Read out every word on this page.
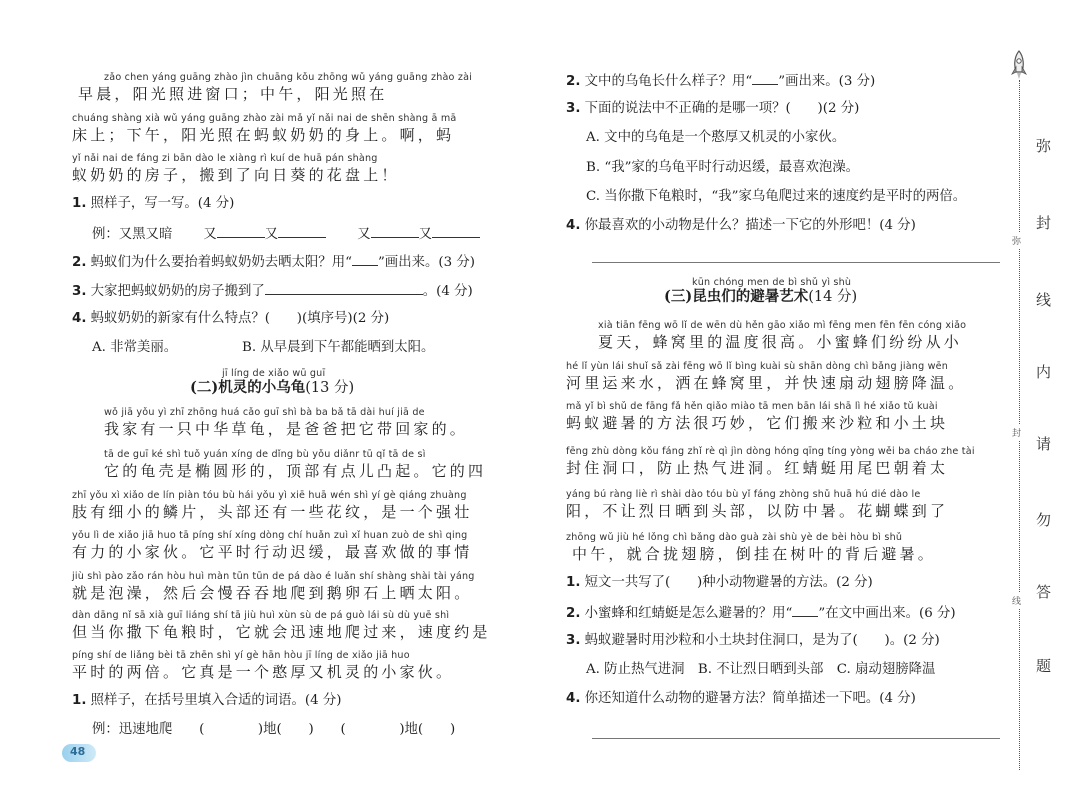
zǎo chen yáng guāng zhào jìn chuāng kǒu zhōng wǔ yáng guāng zhào zài
早晨，阳光照进窗口；中午，阳光照在
chuáng shàng xià wǔ yáng guāng zhào zài mǎ yǐ nǎi nai de shēn shàng ā mā
床上；下午，阳光照在蚂蚁奶奶的身上。啊，蚂
yǐ nǎi nai de fáng zi bān dào le xiàng rì kuí de huā pán shàng
蚁奶奶的房子，搬到了向日葵的花盘上！
1. 照样子，写一写。(4 分)
例：又黑又暗　　 又	又　　	又	又
2. 蚂蚁们为什么要抬着蚂蚁奶奶去晒太阳？用“ ”画出来。(3 分)
3. 大家把蚂蚁奶奶的房子搬到了	。(4 分)
4. 蚂蚁奶奶的新家有什么特点？(　　)(填序号)(2 分)
A. 非常美丽。	B. 从早晨到下午都能晒到太阳。
jī líng de xiǎo wū guī
(二)机灵的小乌龟(13 分)
wǒ jiā yǒu yì zhī zhōng huá cǎo guī shì bà ba bǎ tā dài huí jiā de
我家有一只中华草龟，是爸爸把它带回家的。
tā de guī ké shì tuǒ yuán xíng de dǐng bù yǒu diǎnr tū qǐ tā de sì
它的龟壳是椭圆形的，顶部有点儿凸起。它的四
zhī yǒu xì xiǎo de lín piàn tóu bù hái yǒu yì xiē huā wén shì yí gè qiáng zhuàng
肢有细小的鳞片，头部还有一些花纹，是一个强壮
yǒu lì de xiǎo jiā huo tā píng shí xíng dòng chí huǎn zuì xǐ huan zuò de shì qing
有力的小家伙。它平时行动迟缓，最喜欢做的事情
jiù shì pào zǎo rán hòu huì màn tūn tūn de pá dào é luǎn shí shàng shài tài yáng
就是泡澡，然后会慢吞吞地爬到鹅卵石上晒太阳。
dàn dāng nǐ sā xià guī liáng shí tā jiù huì xùn sù de pá guò lái sù dù yuē shì
但当你撒下龟粮时，它就会迅速地爬过来，速度约是
píng shí de liǎng bèi tā zhēn shì yí gè hān hòu jī líng de xiǎo jiā huo
平时的两倍。它真是一个憨厚又机灵的小家伙。
1. 照样子，在括号里填入合适的词语。(4 分)
例：迅速地爬　　(　　　　)地(　　)　　(　　　　)地(　　)
48
2. 文中的乌龟长什么样子？用“ ”画出来。(3 分)
3. 下面的说法中不正确的是哪一项？(　　)(2 分)
A. 文中的乌龟是一个憨厚又机灵的小家伙。
B. “我”家的乌龟平时行动迟缓，最喜欢泡澡。
C. 当你撒下龟粮时，“我”家乌龟爬过来的速度约是平时的两倍。
4. 你最喜欢的小动物是什么？描述一下它的外形吧！(4 分)
kūn chóng men de bì shǔ yì shù
(三)昆虫们的避暑艺术(14 分)
xià tiān fēng wō lǐ de wēn dù hěn gāo xiǎo mì fēng men fēn fēn cóng xiǎo
夏天，蜂窝里的温度很高。小蜜蜂们纷纷从小
hé lǐ yùn lái shuǐ sǎ zài fēng wō lǐ bìng kuài sù shān dòng chì bǎng jiàng wēn
河里运来水，洒在蜂窝里，并快速扇动翅膀降温。
mǎ yǐ bì shǔ de fāng fǎ hěn qiǎo miào tā men bān lái shā lì hé xiǎo tǔ kuài
蚂蚁避暑的方法很巧妙，它们搬来沙粒和小土块
fēng zhù dòng kǒu fáng zhǐ rè qì jìn dòng hóng qīng tíng yòng wěi ba cháo zhe tài
封住洞口，防止热气进洞。红蜻蜓用尾巴朝着太
yáng bú ràng liè rì shài dào tóu bù yǐ fáng zhòng shǔ huā hú dié dào le
阳，不让烈日晒到头部，以防中暑。花蝴蝶到了
zhōng wǔ jiù hé lǒng chì bǎng dào guà zài shù yè de bèi hòu bì shǔ
中午，就合拢翅膀，倒挂在树叶的背后避暑。
1. 短文一共写了(　　)种小动物避暑的方法。(2 分)
2. 小蜜蜂和红蜻蜓是怎么避暑的？用“ ”在文中画出来。(6 分)
3. 蚂蚁避暑时用沙粒和小土块封住洞口，是为了(　　)。(2 分)
A. 防止热气进洞　B. 不让烈日晒到头部　C. 扇动翅膀降温
4. 你还知道什么动物的避暑方法？简单描述一下吧。(4 分)
弥
封
线
内
请
勿
答
题
弥
封
线
